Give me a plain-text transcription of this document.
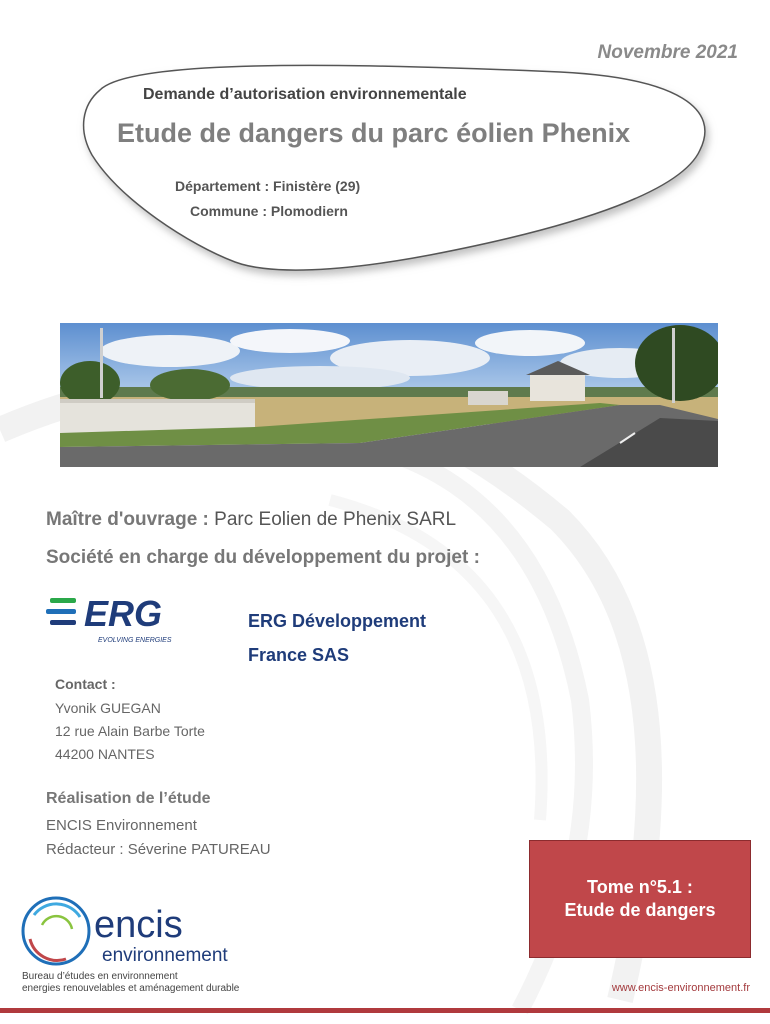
Novembre 2021
Demande d’autorisation environnementale
Etude de dangers du parc éolien Phenix
Département : Finistère (29)
Commune : Plomodiern
Maître d'ouvrage : Parc Eolien de Phenix SARL
Société en charge du développement du projet :
ERG
EVOLVING ENERGIES
ERG Développement
France SAS
Contact :
Yvonik GUEGAN
12 rue Alain Barbe Torte
44200 NANTES
Réalisation de l’étude
ENCIS Environnement
Rédacteur : Séverine PATUREAU
Tome n°5.1 :
Etude de dangers
encis
environnement
Bureau d’études en environnement
energies renouvelables et aménagement durable	www.encis-environnement.fr
